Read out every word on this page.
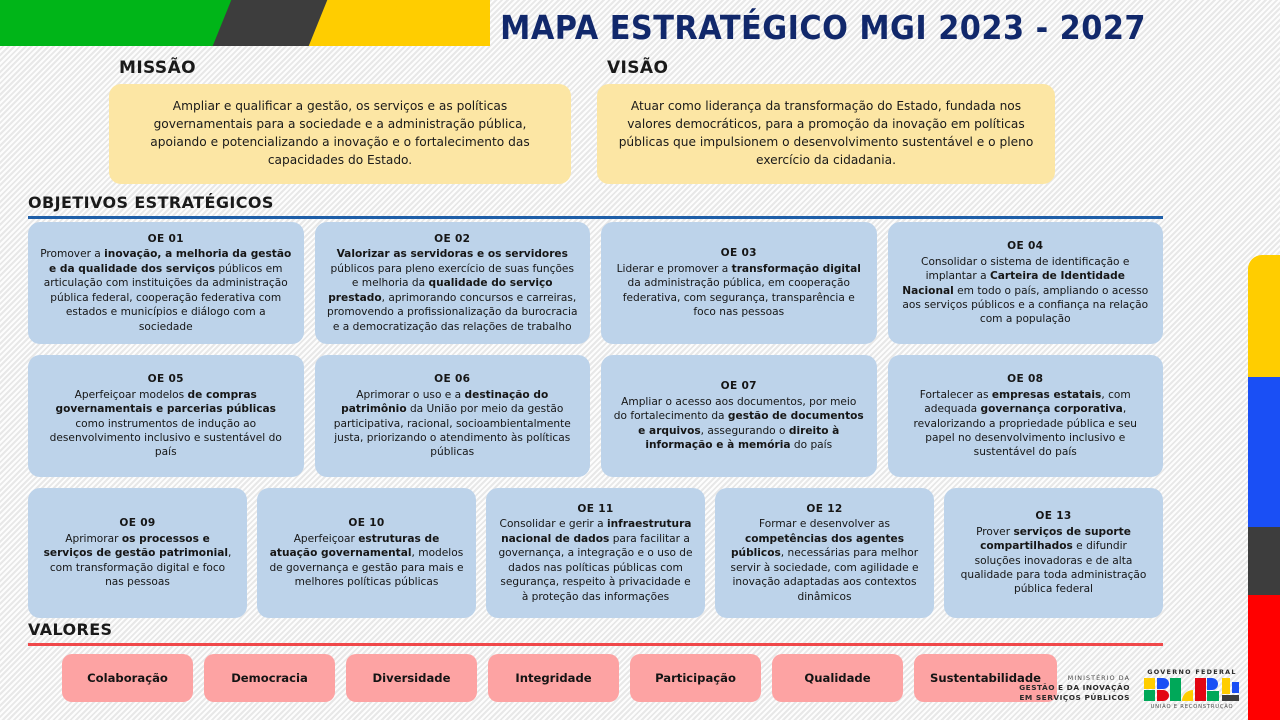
MAPA ESTRATÉGICO MGI 2023 - 2027
MISSÃO
Ampliar e qualificar a gestão, os serviços e as políticas governamentais para a sociedade e a administração pública, apoiando e potencializando a inovação e o fortalecimento das capacidades do Estado.
VISÃO
Atuar como liderança da transformação do Estado, fundada nos valores democráticos, para a promoção da inovação em políticas públicas que impulsionem o desenvolvimento sustentável e o pleno exercício da cidadania.
OBJETIVOS ESTRATÉGICOS
OE 01
Promover a inovação, a melhoria da gestão e da qualidade dos serviços públicos em articulação com instituições da administração pública federal, cooperação federativa com estados e municípios e diálogo com a sociedade
OE 02
Valorizar as servidoras e os servidores públicos para pleno exercício de suas funções e melhoria da qualidade do serviço prestado, aprimorando concursos e carreiras, promovendo a profissionalização da burocracia e a democratização das relações de trabalho
OE 03
Liderar e promover a transformação digital da administração pública, em cooperação federativa, com segurança, transparência e foco nas pessoas
OE 04
Consolidar o sistema de identificação e implantar a Carteira de Identidade Nacional em todo o país, ampliando o acesso aos serviços públicos e a confiança na relação com a população
OE 05
Aperfeiçoar modelos de compras governamentais e parcerias públicas como instrumentos de indução ao desenvolvimento inclusivo e sustentável do país
OE 06
Aprimorar o uso e a destinação do patrimônio da União por meio da gestão participativa, racional, socioambientalmente justa, priorizando o atendimento às políticas públicas
OE 07
Ampliar o acesso aos documentos, por meio do fortalecimento da gestão de documentos e arquivos, assegurando o direito à informação e à memória do país
OE 08
Fortalecer as empresas estatais, com adequada governança corporativa, revalorizando a propriedade pública e seu papel no desenvolvimento inclusivo e sustentável do país
OE 09
Aprimorar os processos e serviços de gestão patrimonial, com transformação digital e foco nas pessoas
OE 10
Aperfeiçoar estruturas de atuação governamental, modelos de governança e gestão para mais e melhores políticas públicas
OE 11
Consolidar e gerir a infraestrutura nacional de dados para facilitar a governança, a integração e o uso de dados nas políticas públicas com segurança, respeito à privacidade e à proteção das informações
OE 12
Formar e desenvolver as competências dos agentes públicos, necessárias para melhor servir à sociedade, com agilidade e inovação adaptadas aos contextos dinâmicos
OE 13
Prover serviços de suporte compartilhados e difundir soluções inovadoras e de alta qualidade para toda administração pública federal
VALORES
Colaboração	Democracia	Diversidade	Integridade	Participação	Qualidade	Sustentabilidade	MINISTÉRIO DA
GESTÃO E DA INOVAÇÃO
EM SERVIÇOS PÚBLICOS
GOVERNO FEDERAL
UNIÃO E RECONSTRUÇÃO
